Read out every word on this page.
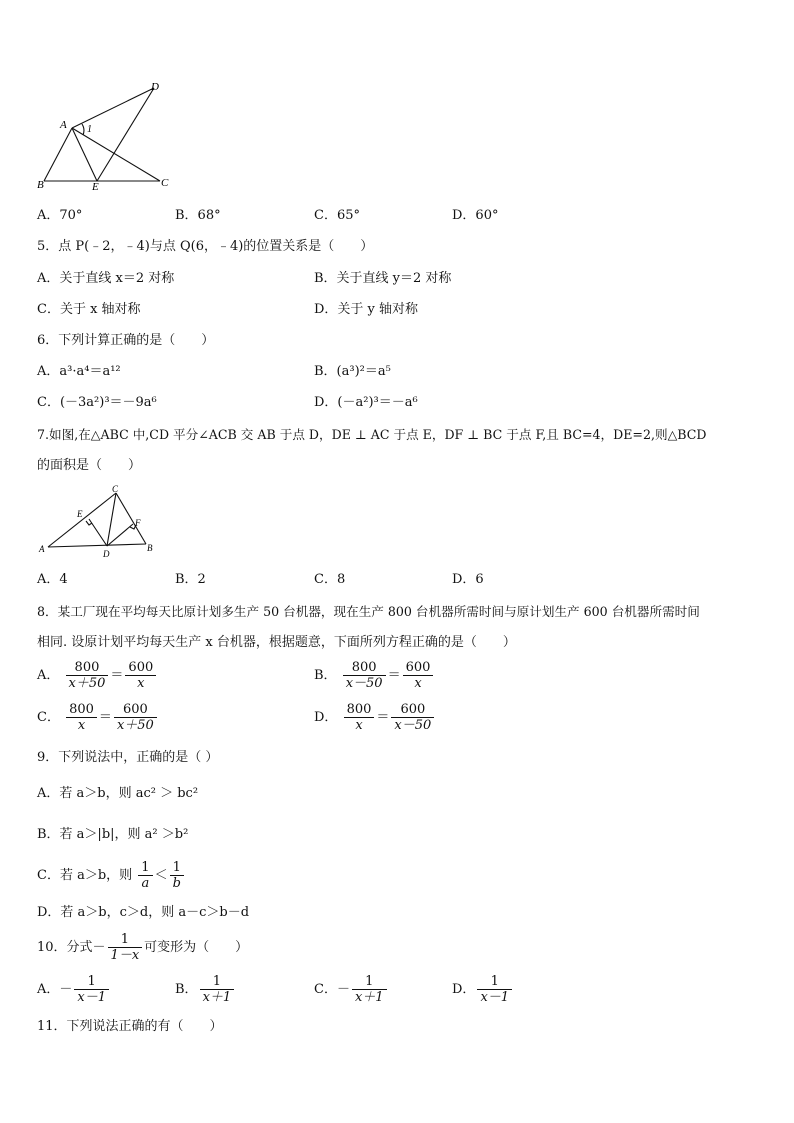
A 1
D
B	E	C
A．70°	B．68°	C．65°	D．60°
5．点 P(﹣2，﹣4)与点 Q(6，﹣4)的位置关系是（　　）
A．关于直线 x＝2 对称	B．关于直线 y＝2 对称
C．关于 x 轴对称	D．关于 y 轴对称
6．下列计算正确的是（　　）
A．a³·a⁴＝a¹²	B．(a³)²＝a⁵
C．(－3a²)³＝－9a⁶	D．(－a²)³＝－a⁶
7.如图,在△ABC 中,CD 平分∠ACB 交 AB 于点 D，DE ⊥ AC 于点 E，DF ⊥ BC 于点 F,且 BC=4，DE=2,则△BCD
的面积是（　　）
C
E
F
A	D
B
A．4	B．2	C．8	D．6
8．某工厂现在平均每天比原计划多生产 50 台机器，现在生产 800 台机器所需时间与原计划生产 600 台机器所需时间
相同. 设原计划平均每天生产 x 台机器，根据题意，下面所列方程正确的是（　　）
A． $\frac{800}{x+50} = \frac{600}{x}$	B． $\frac{800}{x-50} = \frac{600}{x}$
C． $\frac{800}{x} = \frac{600}{x+50}$	D． $\frac{800}{x} = \frac{600}{x-50}$
9．下列说法中，正确的是（ ）
A．若 a＞b，则 ac² ＞ bc²
B．若 a＞|b|，则 a² ＞b²
C．若 a＞b，则 $\frac{1}{a} < \frac{1}{b}$
D．若 a＞b，c＞d，则 a－c＞b－d
10．分式－ $\frac{1}{1-x}$ 可变形为（　　）
A．－ $\frac{1}{x-1}$	B． $\frac{1}{x+1}$	C．－ $\frac{1}{x+1}$	D． $\frac{1}{x-1}$
11．下列说法正确的有（　　）
